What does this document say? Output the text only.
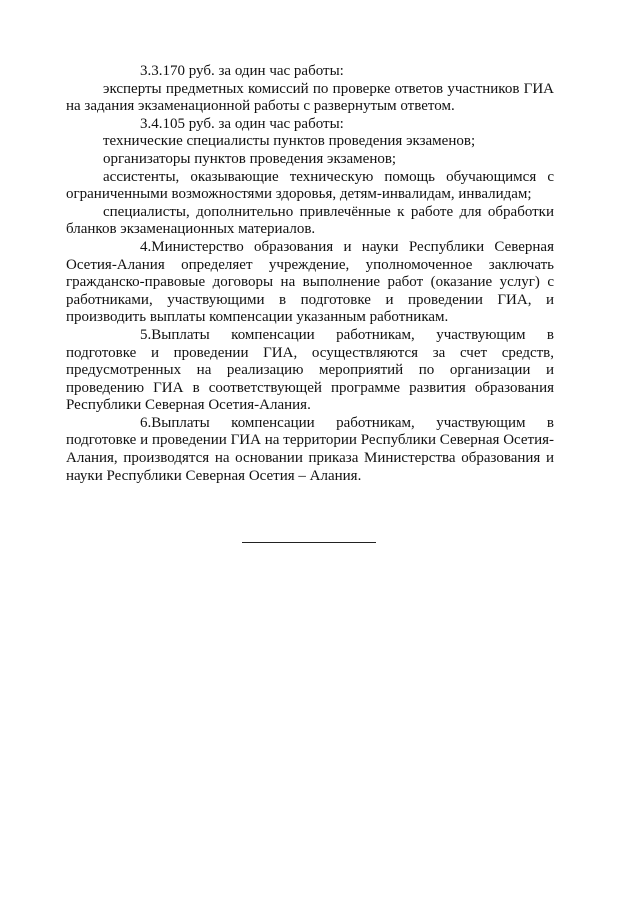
3.3.170 руб. за один час работы:

эксперты предметных комиссий по проверке ответов участников ГИА на задания экзаменационной работы с развернутым ответом.

3.4.105 руб. за один час работы:

технические специалисты пунктов проведения экзаменов;

организаторы пунктов проведения экзаменов;

ассистенты, оказывающие техническую помощь обучающимся с ограниченными возможностями здоровья, детям-инвалидам, инвалидам;

специалисты, дополнительно привлечённые к работе для обработки бланков экзаменационных материалов.

4.Министерство образования и науки Республики Северная Осетия-Алания определяет учреждение, уполномоченное заключать гражданско-правовые договоры на выполнение работ (оказание услуг) с работниками, участвующими в подготовке и проведении ГИА, и производить выплаты компенсации указанным работникам.

5.Выплаты компенсации работникам, участвующим в подготовке и проведении ГИА, осуществляются за счет средств, предусмотренных на реализацию мероприятий по организации и проведению ГИА в соответствующей программе развития образования Республики Северная Осетия-Алания.

6.Выплаты компенсации работникам, участвующим в подготовке и проведении ГИА на территории Республики Северная Осетия-Алания, производятся на основании приказа Министерства образования и науки Республики Северная Осетия – Алания.
